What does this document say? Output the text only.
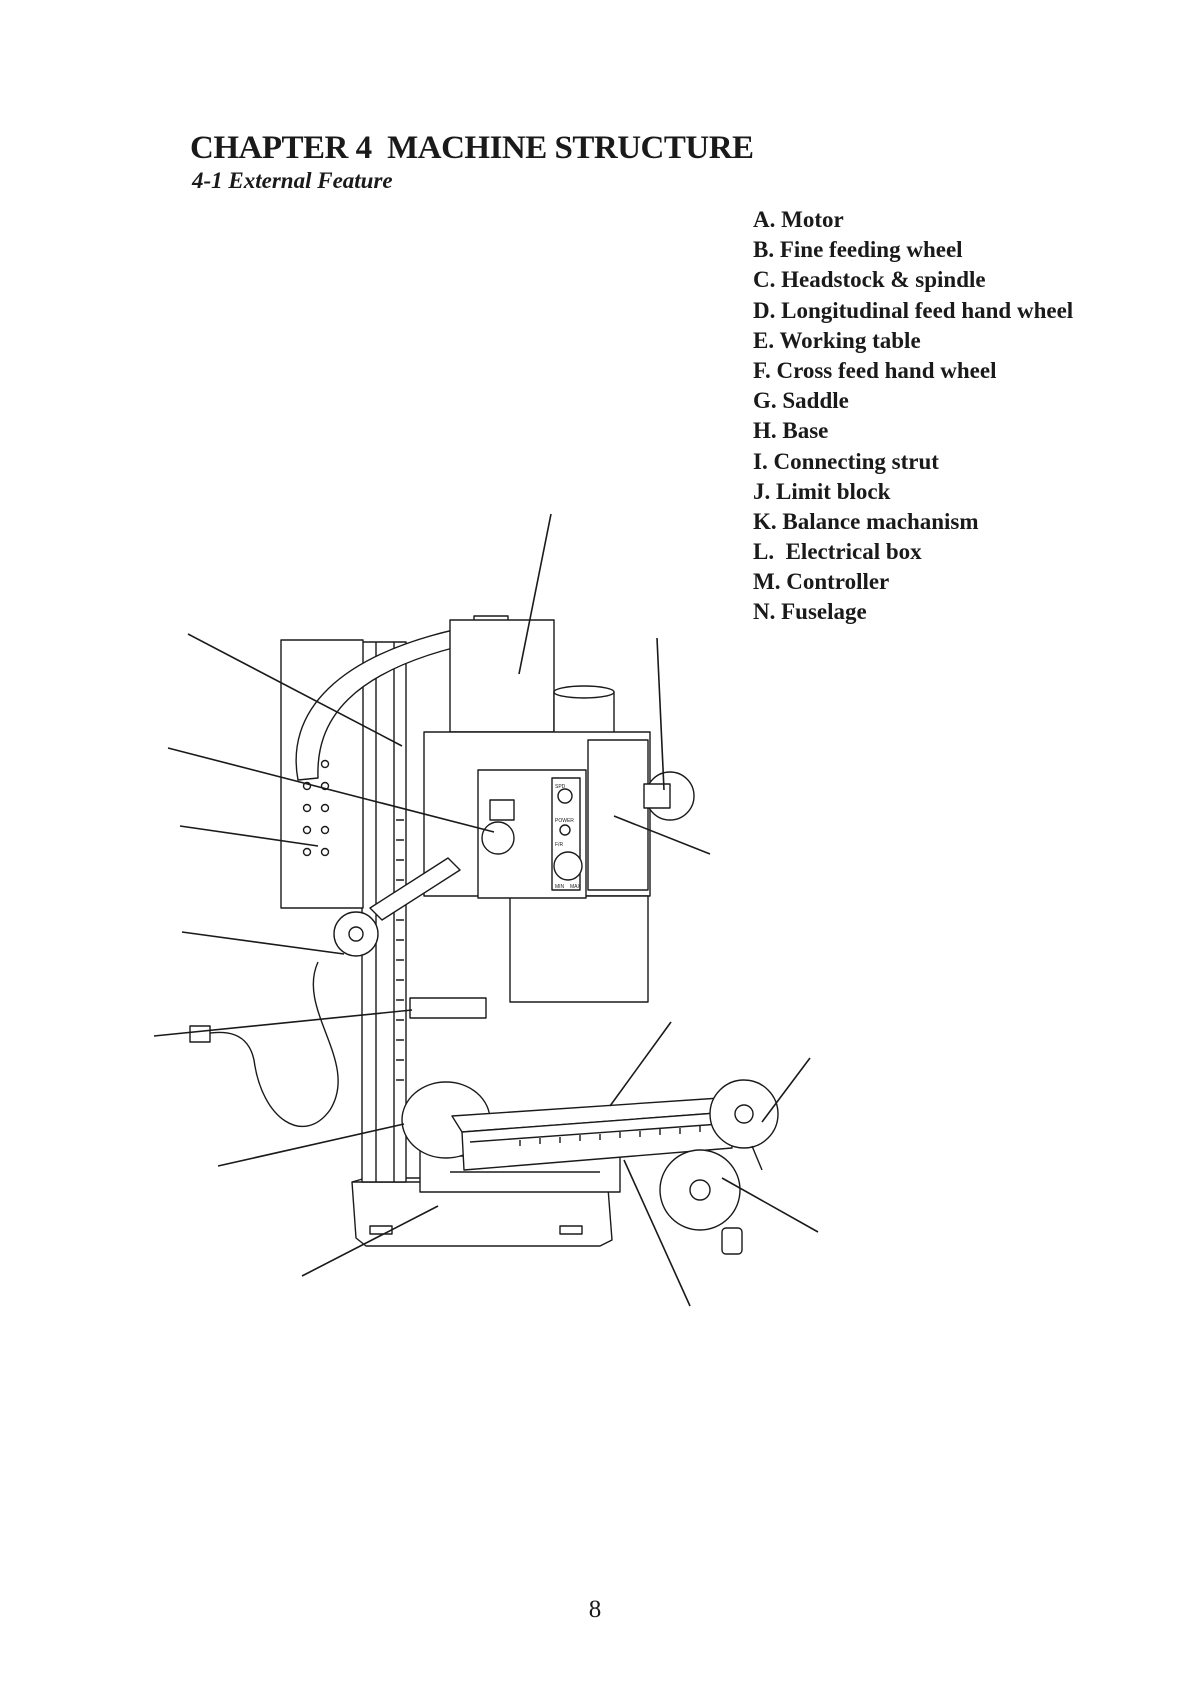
CHAPTER 4  MACHINE STRUCTURE
4-1 External Feature
A. Motor
B. Fine feeding wheel
C. Headstock & spindle
D. Longitudinal feed hand wheel
E. Working table
F. Cross feed hand wheel
G. Saddle
H. Base
I. Connecting strut
J. Limit block
K. Balance machanism
L.  Electrical box
M. Controller
N. Fuselage
SPD
POWER
F/R
MIN MAX
8
